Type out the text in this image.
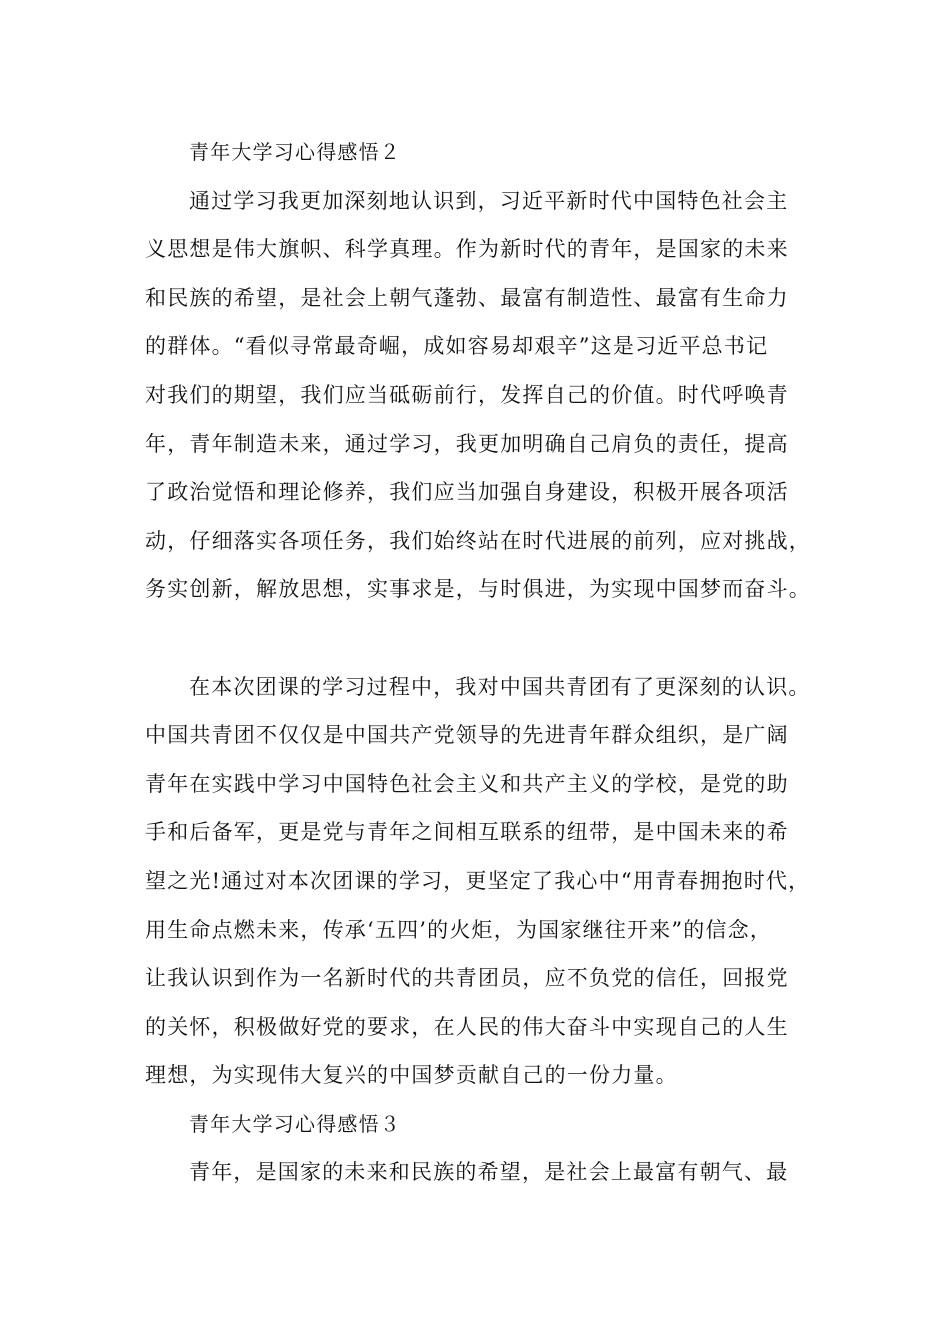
青年大学习心得感悟２
通过学习我更加深刻地认识到，习近平新时代中国特色社会主
义思想是伟大旗帜、科学真理。作为新时代的青年，是国家的未来
和民族的希望，是社会上朝气蓬勃、最富有制造性、最富有生命力
的群体。“看似寻常最奇崛，成如容易却艰辛”这是习近平总书记
对我们的期望，我们应当砥砺前行，发挥自己的价值。时代呼唤青
年，青年制造未来，通过学习，我更加明确自己肩负的责任，提高
了政治觉悟和理论修养，我们应当加强自身建设，积极开展各项活
动，仔细落实各项任务，我们始终站在时代进展的前列，应对挑战，
务实创新，解放思想，实事求是，与时俱进，为实现中国梦而奋斗。
在本次团课的学习过程中，我对中国共青团有了更深刻的认识。
中国共青团不仅仅是中国共产党领导的先进青年群众组织，是广阔
青年在实践中学习中国特色社会主义和共产主义的学校，是党的助
手和后备军，更是党与青年之间相互联系的纽带，是中国未来的希
望之光!通过对本次团课的学习，更坚定了我心中“用青春拥抱时代，
用生命点燃未来，传承‘五四’的火炬，为国家继往开来”的信念，
让我认识到作为一名新时代的共青团员，应不负党的信任，回报党
的关怀，积极做好党的要求，在人民的伟大奋斗中实现自己的人生
理想，为实现伟大复兴的中国梦贡献自己的一份力量。
青年大学习心得感悟３
青年，是国家的未来和民族的希望，是社会上最富有朝气、最
